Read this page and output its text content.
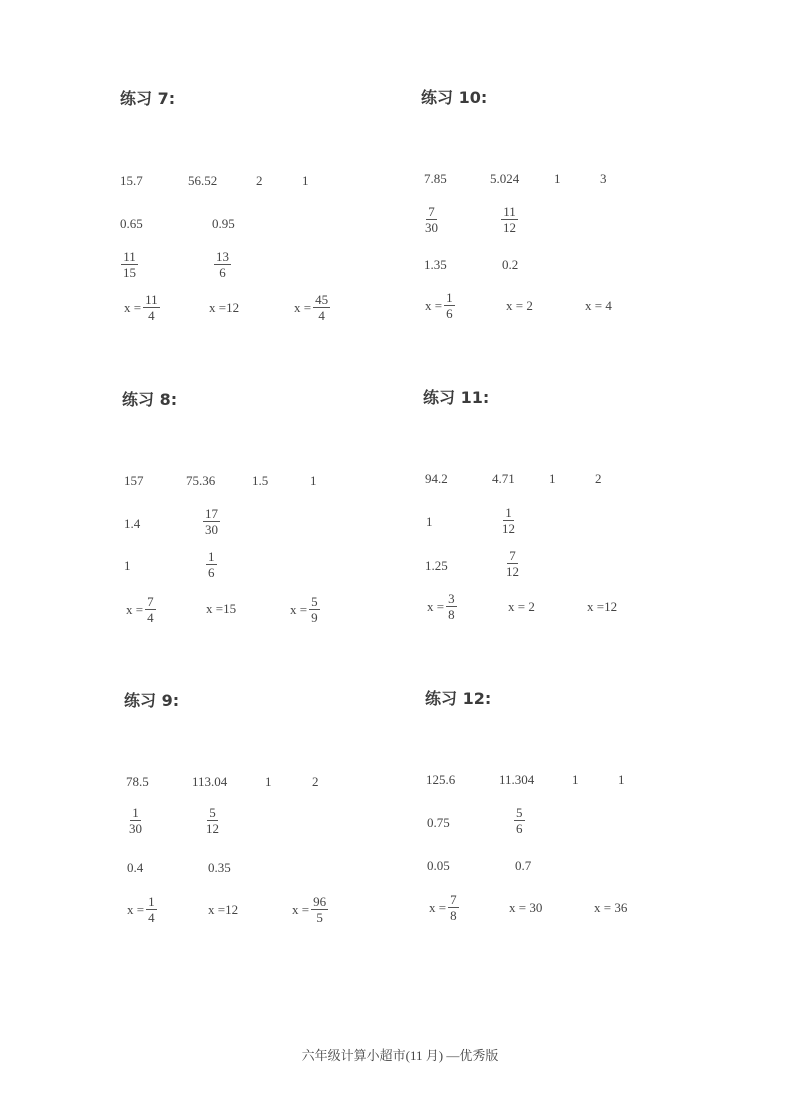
练习 7:
15.7	56.52	2	1
0.65	0.95
$\frac{11}{15}$	$\frac{13}{6}$
$x = \frac{11}{4}$	x =12	$x = \frac{45}{4}$
练习 8:
157	75.36	1.5	1
1.4	$\frac{17}{30}$
1	$\frac{1}{6}$
$x = \frac{7}{4}$	x =15	$x = \frac{5}{9}$
练习 9:
78.5	113.04	1	2
$\frac{1}{30}$	$\frac{5}{12}$
0.4	0.35
$x = \frac{1}{4}$	x =12	$x = \frac{96}{5}$
练习 10:
7.85	5.024	1	3
$\frac{7}{30}$	$\frac{11}{12}$
1.35	0.2
$x = \frac{1}{6}$	x = 2	x = 4
练习 11:
94.2	4.71	1	2
1	$\frac{1}{12}$
1.25	$\frac{7}{12}$
$x = \frac{3}{8}$	x = 2	x =12
练习 12:
125.6	11.304	1	1
0.75	$\frac{5}{6}$
0.05	0.7
$x = \frac{7}{8}$	x = 30	x = 36
六年级计算小超市(11 月) —优秀版
